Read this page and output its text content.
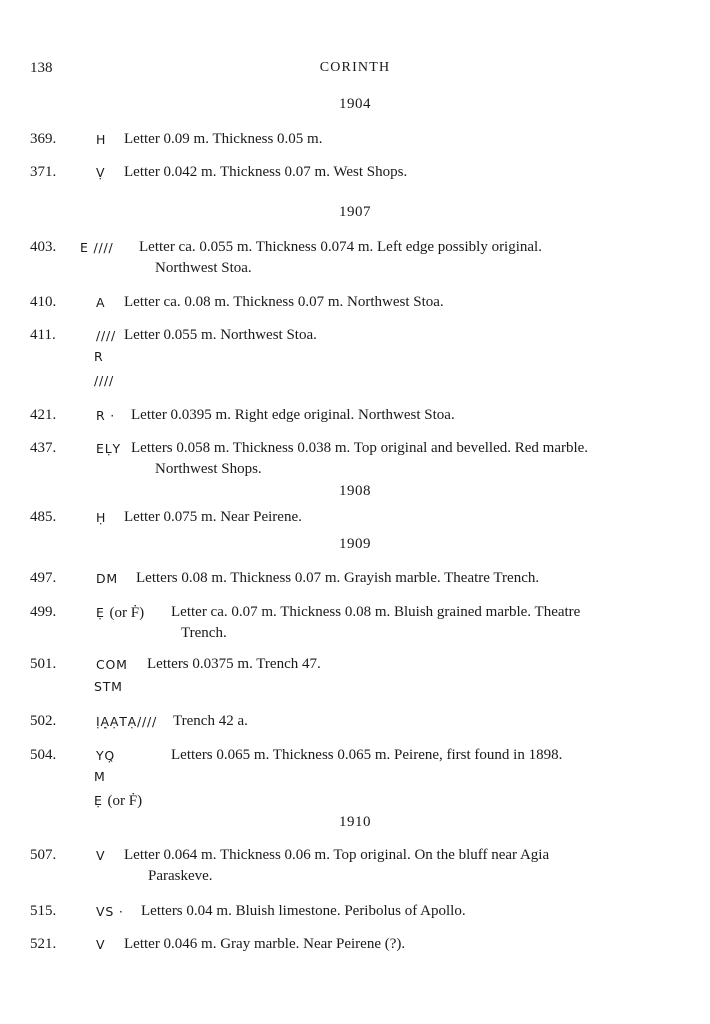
138	CORINTH
1904
369.	H Letter 0.09 m. Thickness 0.05 m.
371.	Ṿ Letter 0.042 m. Thickness 0.07 m. West Shops.
1907
403.	E //// Letter ca. 0.055 m. Thickness 0.074 m. Left edge possibly original.
Northwest Stoa.
410.	A Letter ca. 0.08 m. Thickness 0.07 m. Northwest Stoa.
411.	//// Letter 0.055 m. Northwest Stoa.
R
////
421.	R · Letter 0.0395 m. Right edge original. Northwest Stoa.
437.	EḶY Letters 0.058 m. Thickness 0.038 m. Top original and bevelled. Red marble.
Northwest Shops.
1908
485.	Ḥ Letter 0.075 m. Near Peirene.
1909
497.	DM Letters 0.08 m. Thickness 0.07 m. Grayish marble. Theatre Trench.
499.	Ẹ (or Ḟ) Letter ca. 0.07 m. Thickness 0.08 m. Bluish grained marble. Theatre
Trench.
501.	COM Letters 0.0375 m. Trench 47.
STM
502.	ỊẠ̣ẠTẠ//// Trench 42 a.
504.	YQ̣	Letters 0.065 m. Thickness 0.065 m. Peirene, first found in 1898.
M
Ẹ (or Ḟ)
1910
507.	V Letter 0.064 m. Thickness 0.06 m. Top original. On the bluff near Agia
Paraskeve.
515.	VS · Letters 0.04 m. Bluish limestone. Peribolus of Apollo.
521.	V Letter 0.046 m. Gray marble. Near Peirene (?).
